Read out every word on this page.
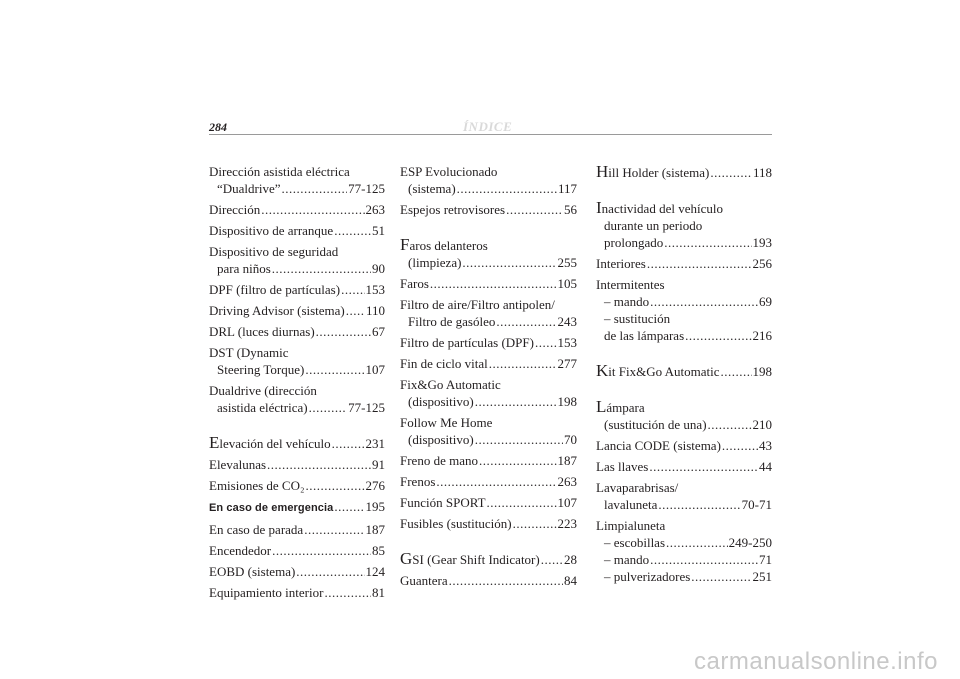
284	ÍNDICE
Dirección asistida eléctrica
“Dualdrive” .....	77-125
Dirección .....	263
Dispositivo de arranque .....	51
Dispositivo de seguridad
para niños .....	90
DPF (filtro de partículas) ..... 153
Driving Advisor (sistema) ..... 110
DRL (luces diurnas) .....	67
DST (Dynamic
Steering Torque) .....	107
Dualdrive (dirección
asistida eléctrica) .....	77-125
Elevación del vehículo .....	231
Elevalunas .....	91
Emisiones de CO₂ .....	276
En caso de emergencia ..... 195
En caso de parada .....	187
Encendedor .....	85
EOBD (sistema) .....	124
Equipamiento interior .....	81
ESP Evolucionado
(sistema) .....	117
Espejos retrovisores .....	56
Faros delanteros
(limpieza) .....	255
Faros .....	105
Filtro de aire/Filtro antipolen/
Filtro de gasóleo .....	243
Filtro de partículas (DPF) ..... 153
Fin de ciclo vital .....	277
Fix&Go Automatic
(dispositivo) .....	198
Follow Me Home
(dispositivo) .....	70
Freno de mano .....	187
Frenos .....	263
Función SPORT .....	107
Fusibles (sustitución) .....	223
GSI (Gear Shift Indicator) ..... 28
Guantera .....	84
Hill Holder (sistema) .....	118
Inactividad del vehículo
durante un periodo
prolongado .....	193
Interiores .....	256
Intermitentes
– mando .....	69
– sustitución
de las lámparas .....	216
Kit Fix&Go Automatic .....	198
Lámpara
(sustitución de una) .....	210
Lancia CODE (sistema) .....	43
Las llaves .....	44
Lavaparabrisas/
lavaluneta .....	70-71
Limpialuneta
– escobillas .....	249-250
– mando .....	71
– pulverizadores .....	251
carmanualsonline.info
